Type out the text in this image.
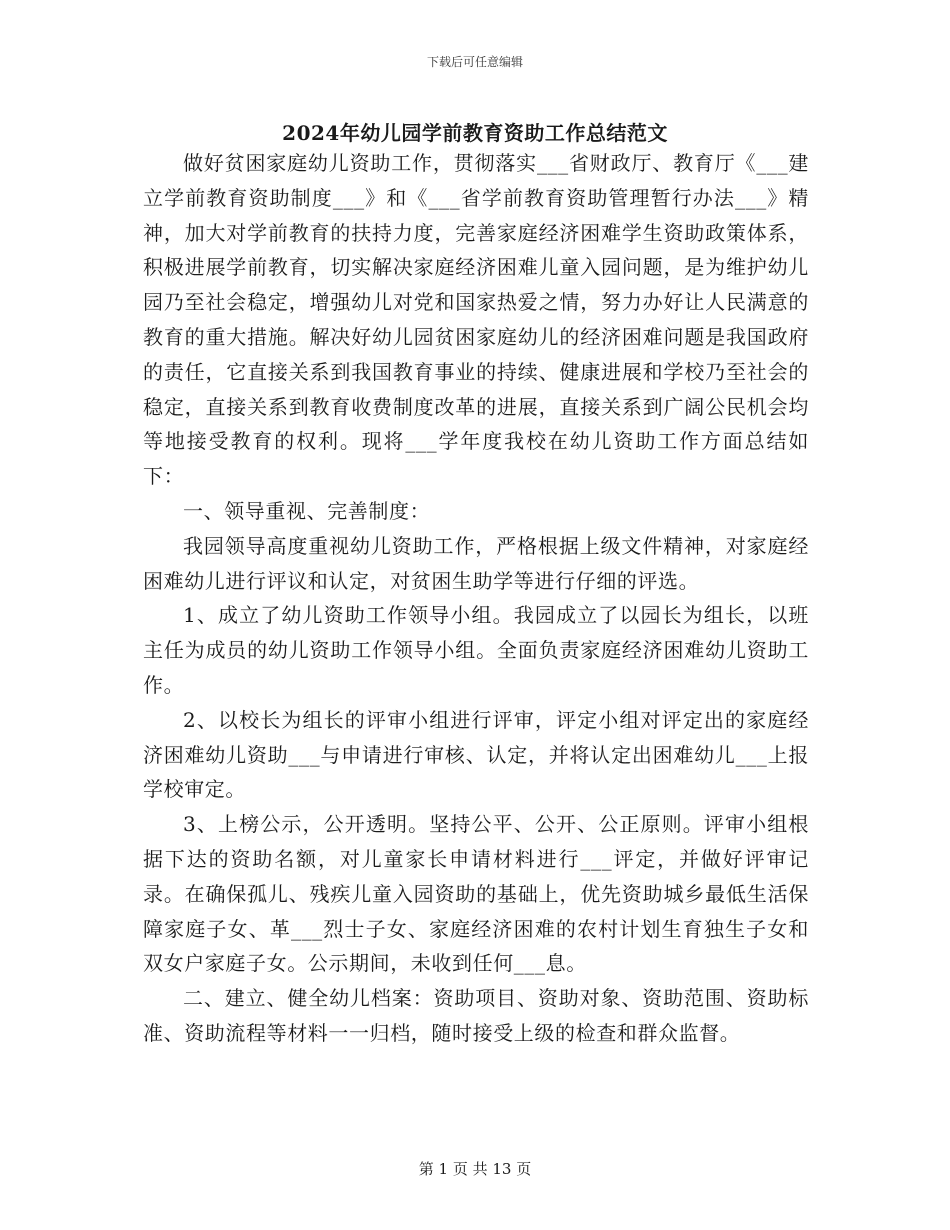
下载后可任意编辑
2024年幼儿园学前教育资助工作总结范文

做好贫困家庭幼儿资助工作，贯彻落实___省财政厅、教育厅《___建立学前教育资助制度___》和《___省学前教育资助管理暂行办法___》精神，加大对学前教育的扶持力度，完善家庭经济困难学生资助政策体系，积极进展学前教育，切实解决家庭经济困难儿童入园问题，是为维护幼儿园乃至社会稳定，增强幼儿对党和国家热爱之情，努力办好让人民满意的教育的重大措施。解决好幼儿园贫困家庭幼儿的经济困难问题是我国政府的责任，它直接关系到我国教育事业的持续、健康进展和学校乃至社会的稳定，直接关系到教育收费制度改革的进展，直接关系到广阔公民机会均等地接受教育的权利。现将___学年度我校在幼儿资助工作方面总结如下：

一、领导重视、完善制度：

我园领导高度重视幼儿资助工作，严格根据上级文件精神，对家庭经困难幼儿进行评议和认定，对贫困生助学等进行仔细的评选。

1、成立了幼儿资助工作领导小组。我园成立了以园长为组长，以班主任为成员的幼儿资助工作领导小组。全面负责家庭经济困难幼儿资助工作。

2、以校长为组长的评审小组进行评审，评定小组对评定出的家庭经济困难幼儿资助___与申请进行审核、认定，并将认定出困难幼儿___上报学校审定。

3、上榜公示，公开透明。坚持公平、公开、公正原则。评审小组根据下达的资助名额，对儿童家长申请材料进行___评定，并做好评审记录。在确保孤儿、残疾儿童入园资助的基础上，优先资助城乡最低生活保障家庭子女、革___烈士子女、家庭经济困难的农村计划生育独生子女和双女户家庭子女。公示期间，未收到任何___息。

二、建立、健全幼儿档案：资助项目、资助对象、资助范围、资助标准、资助流程等材料一一归档，随时接受上级的检查和群众监督。

第 1 页 共 13 页
